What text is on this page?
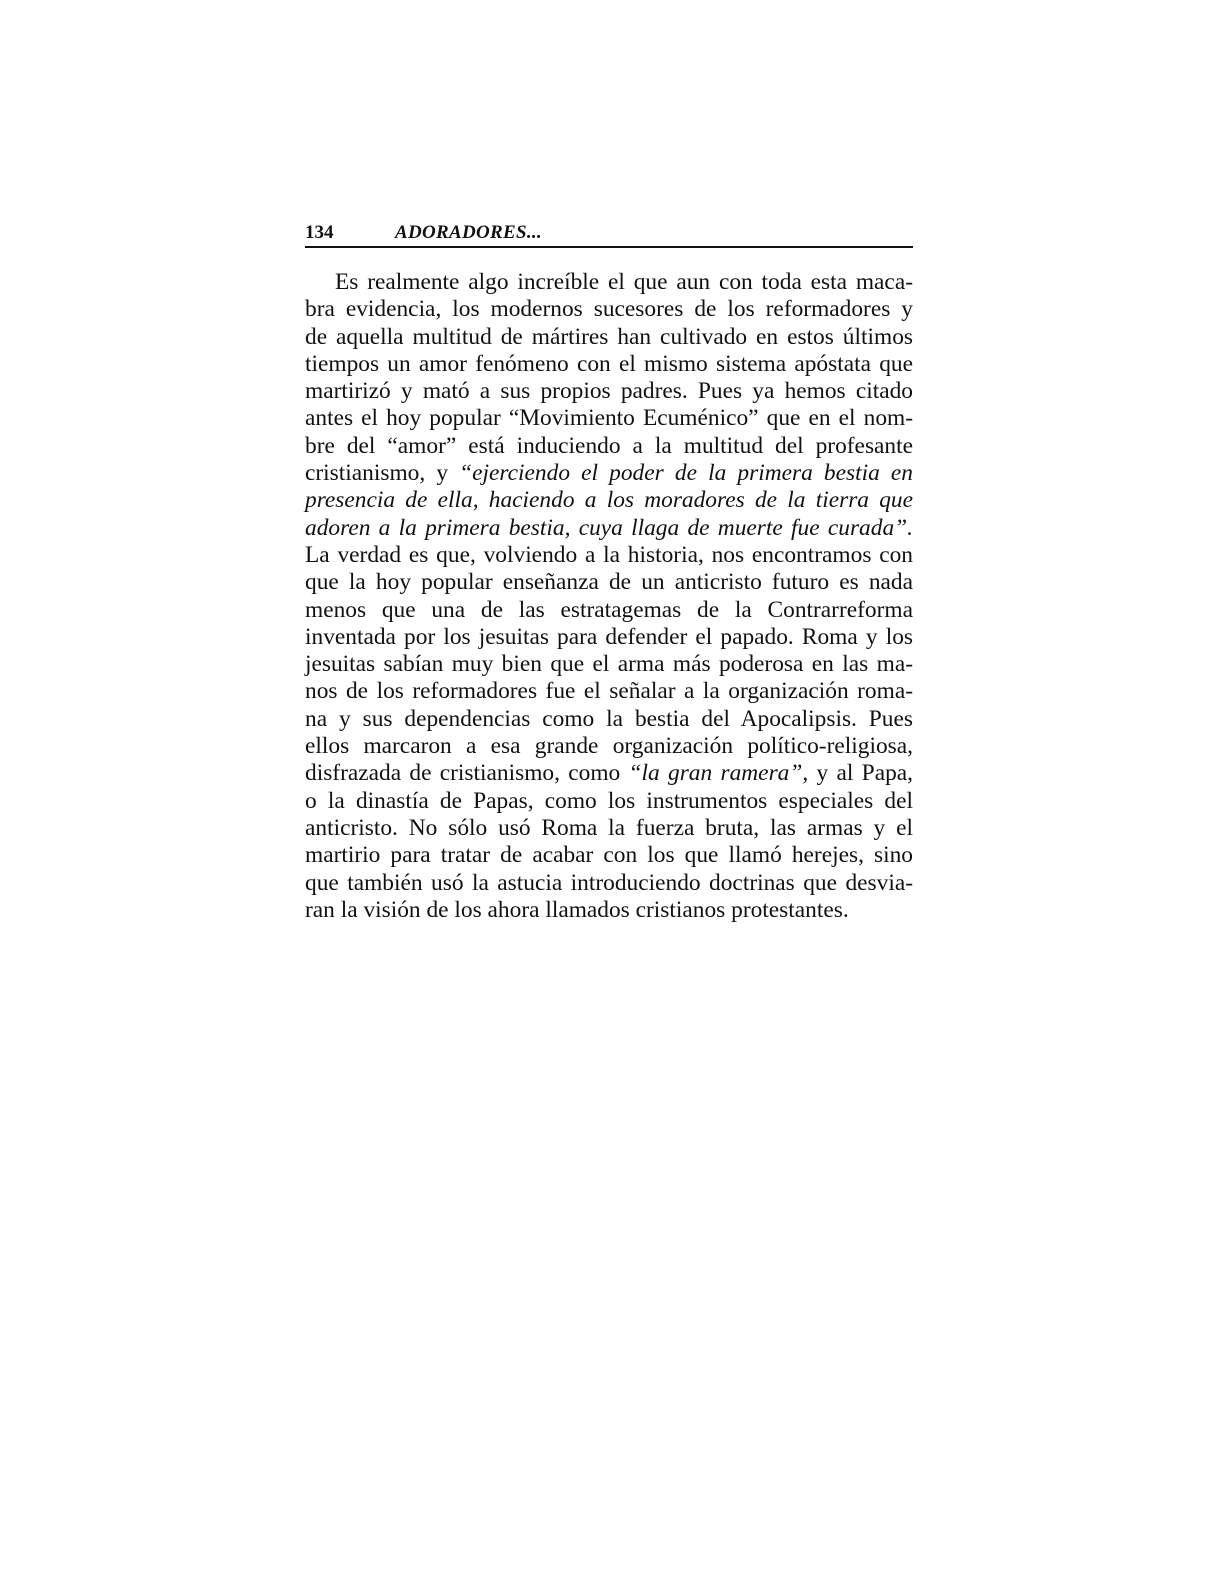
134	ADORADORES...
Es realmente algo increíble el que aun con toda esta maca-
bra evidencia, los modernos sucesores de los reformadores y
de aquella multitud de mártires han cultivado en estos últimos
tiempos un amor fenómeno con el mismo sistema apóstata que
martirizó y mató a sus propios padres. Pues ya hemos citado
antes el hoy popular “Movimiento Ecuménico” que en el nom-
bre del “amor” está induciendo a la multitud del profesante
cristianismo, y “ejerciendo el poder de la primera bestia en
presencia de ella, haciendo a los moradores de la tierra que
adoren a la primera bestia, cuya llaga de muerte fue curada”.
La verdad es que, volviendo a la historia, nos encontramos con
que la hoy popular enseñanza de un anticristo futuro es nada
menos que una de las estratagemas de la Contrarreforma
inventada por los jesuitas para defender el papado. Roma y los
jesuitas sabían muy bien que el arma más poderosa en las ma-
nos de los reformadores fue el señalar a la organización roma-
na y sus dependencias como la bestia del Apocalipsis. Pues
ellos marcaron a esa grande organización político-religiosa,
disfrazada de cristianismo, como “la gran ramera”, y al Papa,
o la dinastía de Papas, como los instrumentos especiales del
anticristo. No sólo usó Roma la fuerza bruta, las armas y el
martirio para tratar de acabar con los que llamó herejes, sino
que también usó la astucia introduciendo doctrinas que desvia-
ran la visión de los ahora llamados cristianos protestantes.
